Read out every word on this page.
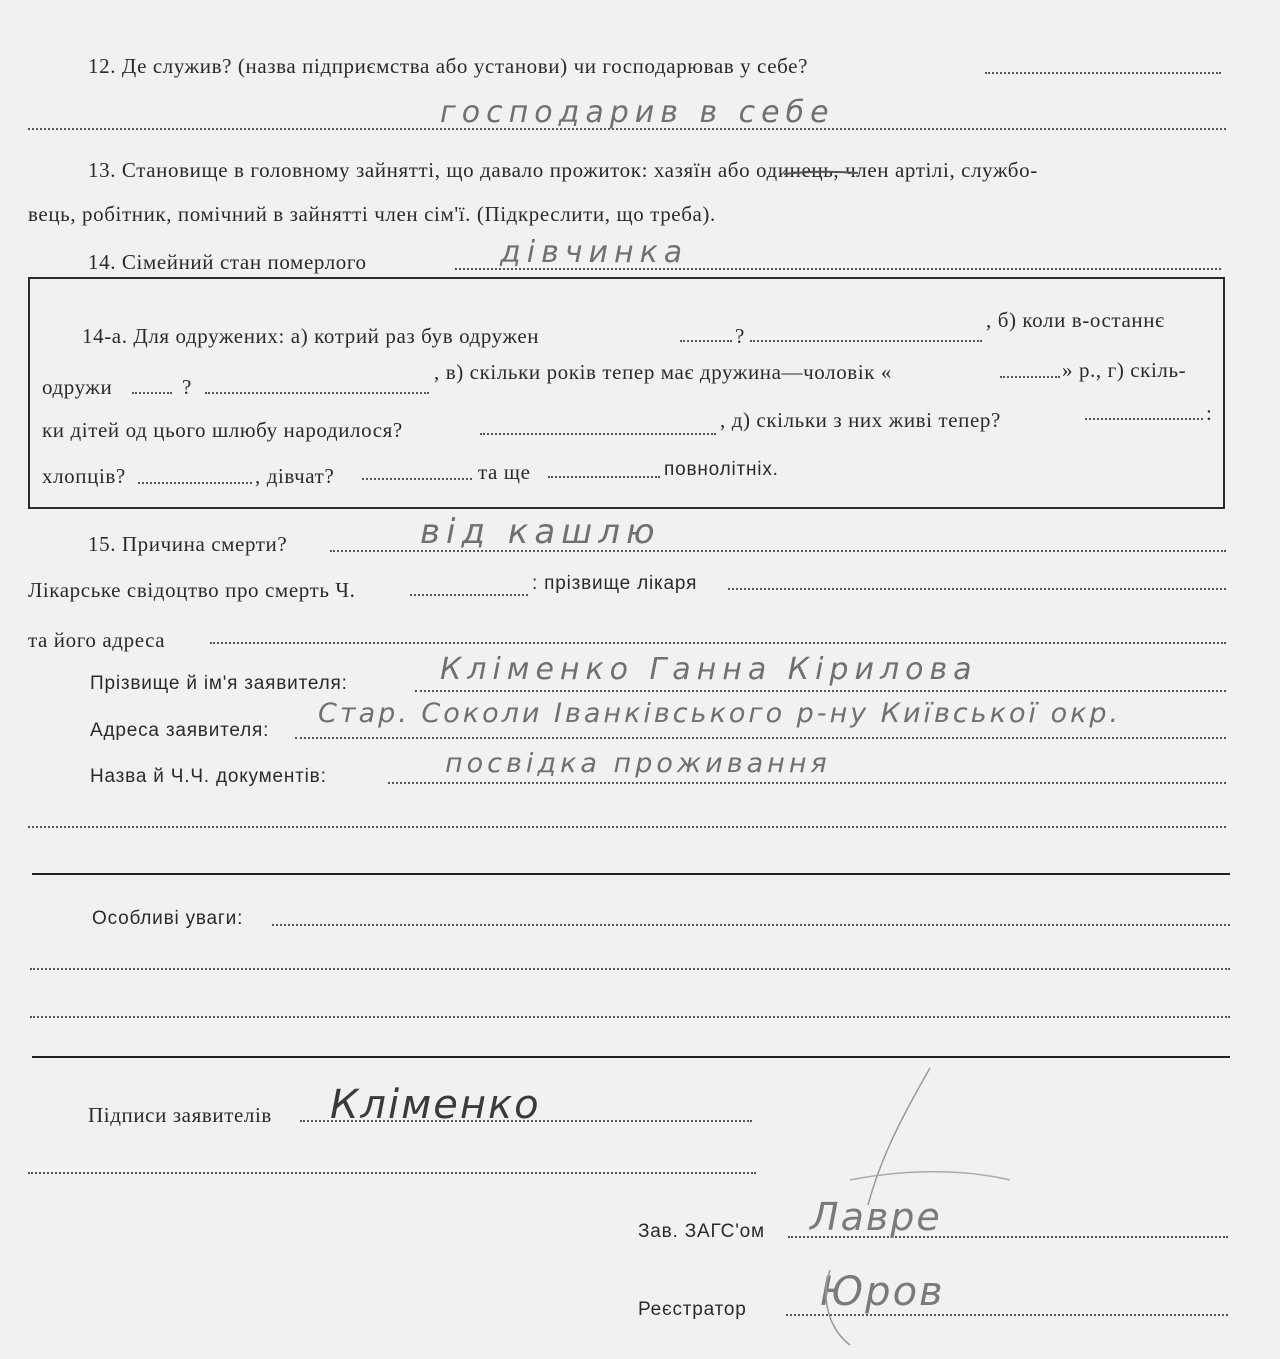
12. Де служив? (назва підприємства або установи) чи господарював у себе?
господарив в себе
13. Становище в головному зайнятті, що давало прожиток: хазяїн або одинець, член артілі, службо-
вець, робітник, помічний в зайнятті член сім'ї. (Підкреслити, що треба).
14. Сімейний стан померлого	дівчинка
14-а. Для одружених: а) котрий раз був одружен	?
, б) коли в-останнє
одружи	?
, в) скільки років тепер має дружина—чоловік «	» р., г) скіль-
ки дітей од цього шлюбу народилося?	, д) скільки з них живі тепер?	:
хлопців?	, дівчат?	та ще	повнолітніх.
15. Причина смерти?	від кашлю
Лікарське свідоцтво про смерть Ч.	: прізвище лікаря
та його адреса
Прізвище й ім'я заявителя:	Кліменко Ганна Кірилова
Адреса заявителя:
Стар. Соколи Іванківського р-ну Київської окр.
Назва й Ч.Ч. документів:	посвідка проживання
Особливі уваги:
Підписи заявителів Кліменко
Зав. ЗАГС'ом Лавре
Реєстратор Юров
